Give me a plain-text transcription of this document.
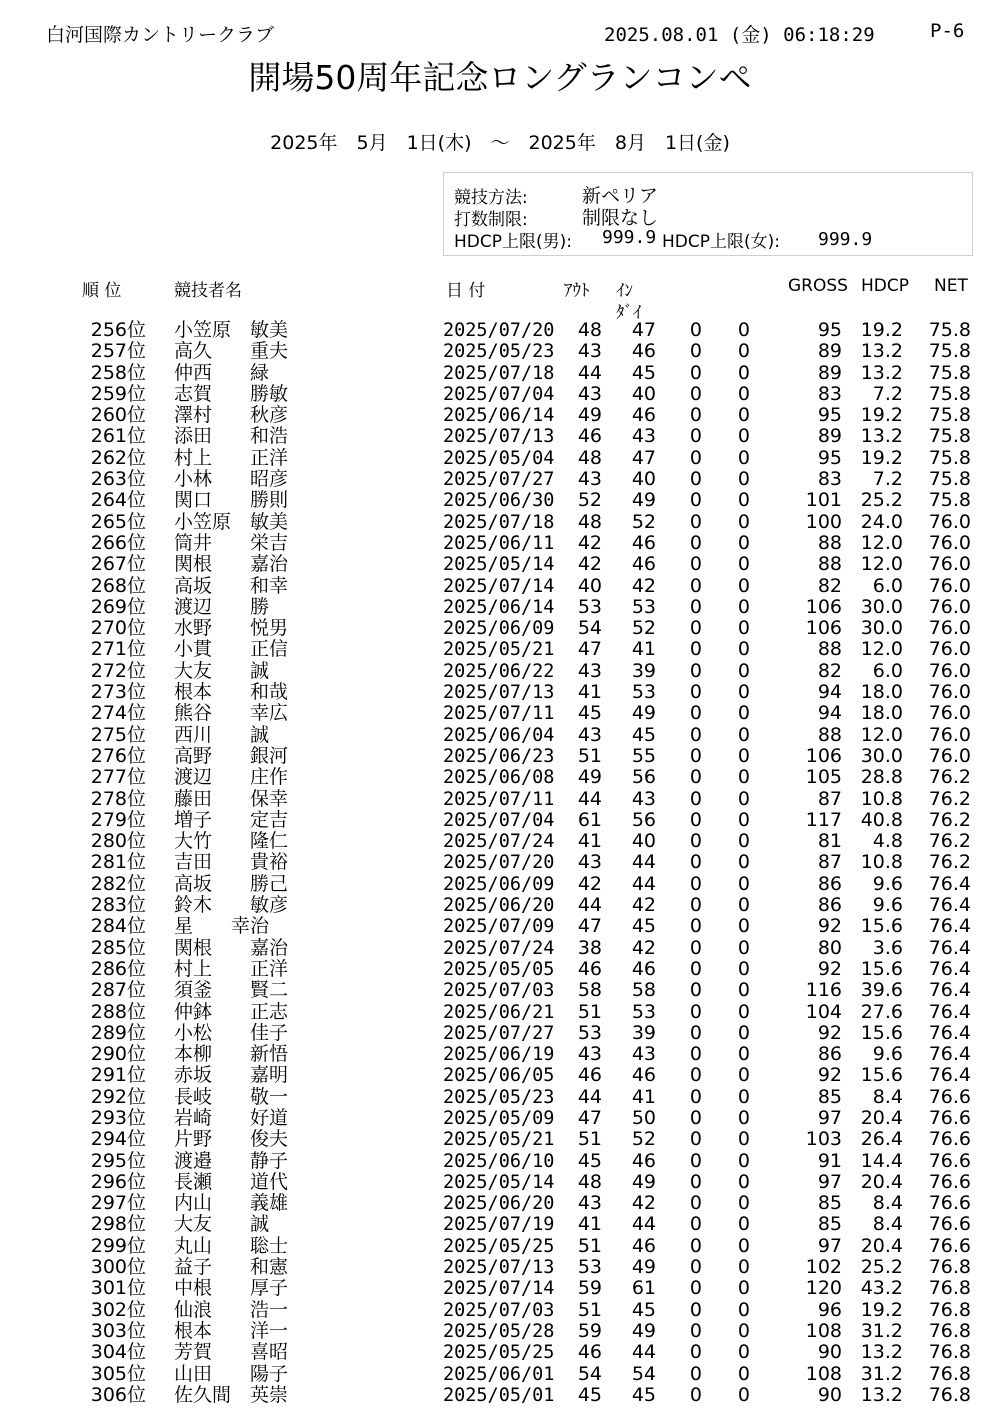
白河国際カントリークラブ	2025.08.01 (金) 06:18:29	P-6
開場50周年記念ロングランコンペ
2025年　5月　1日(木)　～　2025年　8月　1日(金)
競技方法:	新ペリア
打数制限:	制限なし
HDCP上限(男): 999.9 HDCP上限(女): 999.9
順 位	競技者名	日 付	ｱｳﾄ ｲﾝ
ﾀﾞｲ
GROSS HDCP NET
256位 小笠原　敏美	2025/07/20	48	47	0	0	95 19.2	75.8
257位 高久　　重夫	2025/05/23	43	46	0	0	89 13.2	75.8
258位 仲西　　緑	2025/07/18	44	45	0	0	89 13.2	75.8
259位 志賀　　勝敏	2025/07/04	43	40	0	0	83	7.2	75.8
260位 澤村　　秋彦	2025/06/14	49	46	0	0	95 19.2	75.8
261位 添田　　和浩	2025/07/13	46	43	0	0	89 13.2	75.8
262位 村上　　正洋	2025/05/04	48	47	0	0	95 19.2	75.8
263位 小林　　昭彦	2025/07/27	43	40	0	0	83	7.2	75.8
264位 関口　　勝則	2025/06/30	52	49	0	0	101 25.2	75.8
265位 小笠原　敏美	2025/07/18	48	52	0	0	100 24.0	76.0
266位 筒井　　栄吉	2025/06/11	42	46	0	0	88 12.0	76.0
267位 関根　　嘉治	2025/05/14	42	46	0	0	88 12.0	76.0
268位 高坂　　和幸	2025/07/14	40	42	0	0	82	6.0	76.0
269位 渡辺　　勝	2025/06/14	53	53	0	0	106 30.0	76.0
270位 水野　　悦男	2025/06/09	54	52	0	0	106 30.0	76.0
271位 小貫　　正信	2025/05/21	47	41	0	0	88 12.0	76.0
272位 大友　　誠	2025/06/22	43	39	0	0	82	6.0	76.0
273位 根本　　和哉	2025/07/13	41	53	0	0	94 18.0	76.0
274位 熊谷　　幸広	2025/07/11	45	49	0	0	94 18.0	76.0
275位 西川　　誠	2025/06/04	43	45	0	0	88 12.0	76.0
276位 高野　　銀河	2025/06/23	51	55	0	0	106 30.0	76.0
277位 渡辺　　庄作	2025/06/08	49	56	0	0	105 28.8	76.2
278位 藤田　　保幸	2025/07/11	44	43	0	0	87 10.8	76.2
279位 増子　　定吉	2025/07/04	61	56	0	0	117 40.8	76.2
280位 大竹　　隆仁	2025/07/24	41	40	0	0	81	4.8	76.2
281位 吉田　　貴裕	2025/07/20	43	44	0	0	87 10.8	76.2
282位 高坂　　勝己	2025/06/09	42	44	0	0	86	9.6	76.4
283位 鈴木　　敏彦	2025/06/20	44	42	0	0	86	9.6	76.4
284位 星　　幸治	2025/07/09	47	45	0	0	92 15.6	76.4
285位 関根　　嘉治	2025/07/24	38	42	0	0	80	3.6	76.4
286位 村上　　正洋	2025/05/05	46	46	0	0	92 15.6	76.4
287位 須釜　　賢二	2025/07/03	58	58	0	0	116 39.6	76.4
288位 仲鉢　　正志	2025/06/21	51	53	0	0	104 27.6	76.4
289位 小松　　佳子	2025/07/27	53	39	0	0	92 15.6	76.4
290位 本柳　　新悟	2025/06/19	43	43	0	0	86	9.6	76.4
291位 赤坂　　嘉明	2025/06/05	46	46	0	0	92 15.6	76.4
292位 長岐　　敬一	2025/05/23	44	41	0	0	85	8.4	76.6
293位 岩崎　　好道	2025/05/09	47	50	0	0	97 20.4	76.6
294位 片野　　俊夫	2025/05/21	51	52	0	0	103 26.4	76.6
295位 渡邉　　静子	2025/06/10	45	46	0	0	91 14.4	76.6
296位 長瀬　　道代	2025/05/14	48	49	0	0	97 20.4	76.6
297位 内山　　義雄	2025/06/20	43	42	0	0	85	8.4	76.6
298位 大友　　誠	2025/07/19	41	44	0	0	85	8.4	76.6
299位 丸山　　聡士	2025/05/25	51	46	0	0	97 20.4	76.6
300位 益子　　和憲	2025/07/13	53	49	0	0	102 25.2	76.8
301位 中根　　厚子	2025/07/14	59	61	0	0	120 43.2	76.8
302位 仙浪　　浩一	2025/07/03	51	45	0	0	96 19.2	76.8
303位 根本　　洋一	2025/05/28	59	49	0	0	108 31.2	76.8
304位 芳賀　　喜昭	2025/05/25	46	44	0	0	90 13.2	76.8
305位 山田　　陽子	2025/06/01	54	54	0	0	108 31.2	76.8
306位 佐久間　英崇	2025/05/01	45	45	0	0	90 13.2	76.8
